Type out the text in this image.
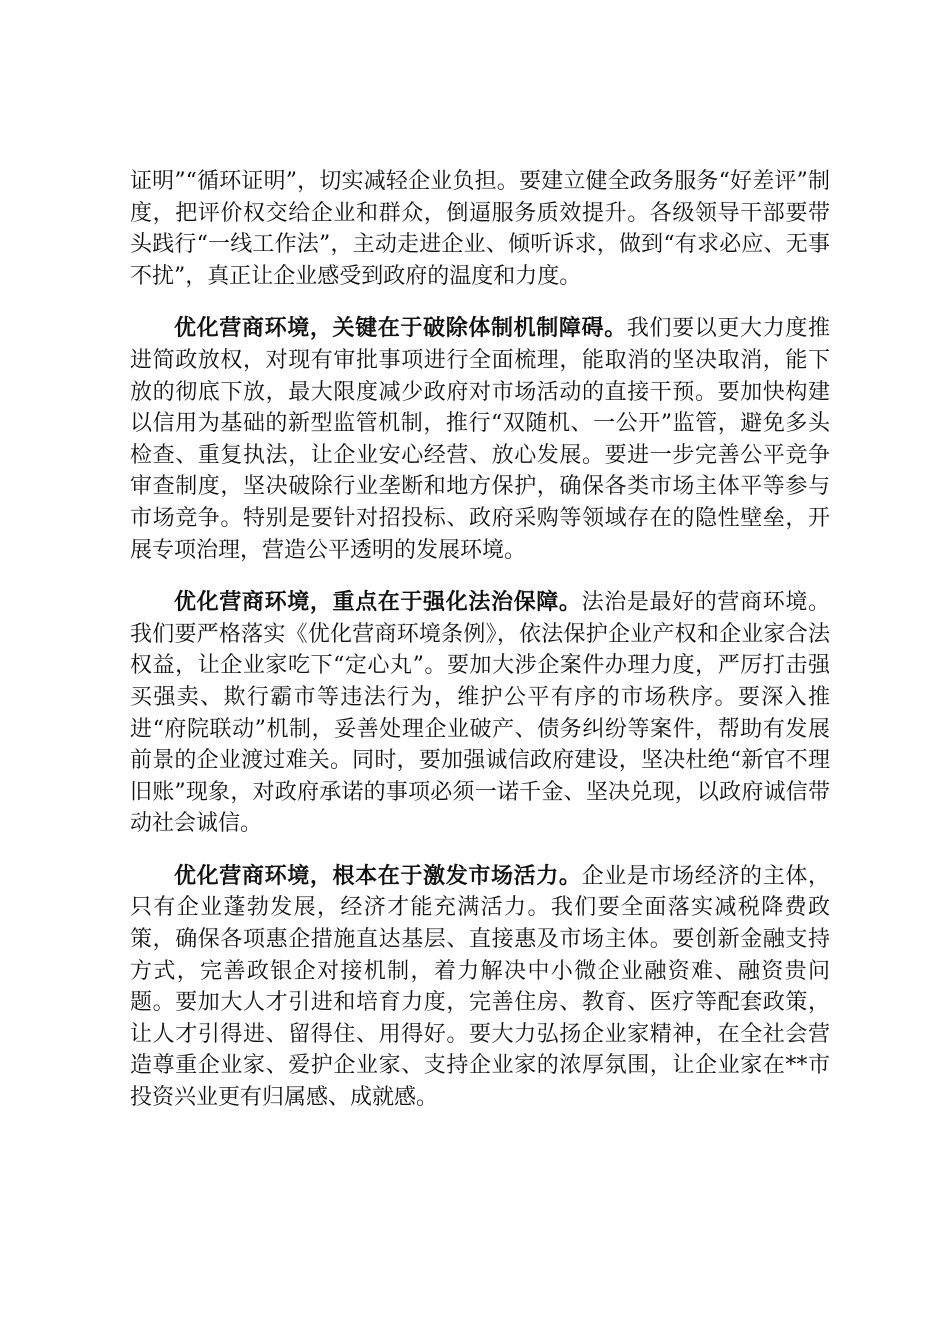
证明”“循环证明”，切实减轻企业负担。要建立健全政务服务“好差评”制度，把评价权交给企业和群众，倒逼服务质效提升。各级领导干部要带头践行“一线工作法”，主动走进企业、倾听诉求，做到“有求必应、无事不扰”，真正让企业感受到政府的温度和力度。

优化营商环境，关键在于破除体制机制障碍。我们要以更大力度推进简政放权，对现有审批事项进行全面梳理，能取消的坚决取消，能下放的彻底下放，最大限度减少政府对市场活动的直接干预。要加快构建以信用为基础的新型监管机制，推行“双随机、一公开”监管，避免多头检查、重复执法，让企业安心经营、放心发展。要进一步完善公平竞争审查制度，坚决破除行业垄断和地方保护，确保各类市场主体平等参与市场竞争。特别是要针对招投标、政府采购等领域存在的隐性壁垒，开展专项治理，营造公平透明的发展环境。

优化营商环境，重点在于强化法治保障。法治是最好的营商环境。我们要严格落实《优化营商环境条例》，依法保护企业产权和企业家合法权益，让企业家吃下“定心丸”。要加大涉企案件办理力度，严厉打击强买强卖、欺行霸市等违法行为，维护公平有序的市场秩序。要深入推进“府院联动”机制，妥善处理企业破产、债务纠纷等案件，帮助有发展前景的企业渡过难关。同时，要加强诚信政府建设，坚决杜绝“新官不理旧账”现象，对政府承诺的事项必须一诺千金、坚决兑现，以政府诚信带动社会诚信。

优化营商环境，根本在于激发市场活力。企业是市场经济的主体，只有企业蓬勃发展，经济才能充满活力。我们要全面落实减税降费政策，确保各项惠企措施直达基层、直接惠及市场主体。要创新金融支持方式，完善政银企对接机制，着力解决中小微企业融资难、融资贵问题。要加大人才引进和培育力度，完善住房、教育、医疗等配套政策，让人才引得进、留得住、用得好。要大力弘扬企业家精神，在全社会营造尊重企业家、爱护企业家、支持企业家的浓厚氛围，让企业家在**市投资兴业更有归属感、成就感。
